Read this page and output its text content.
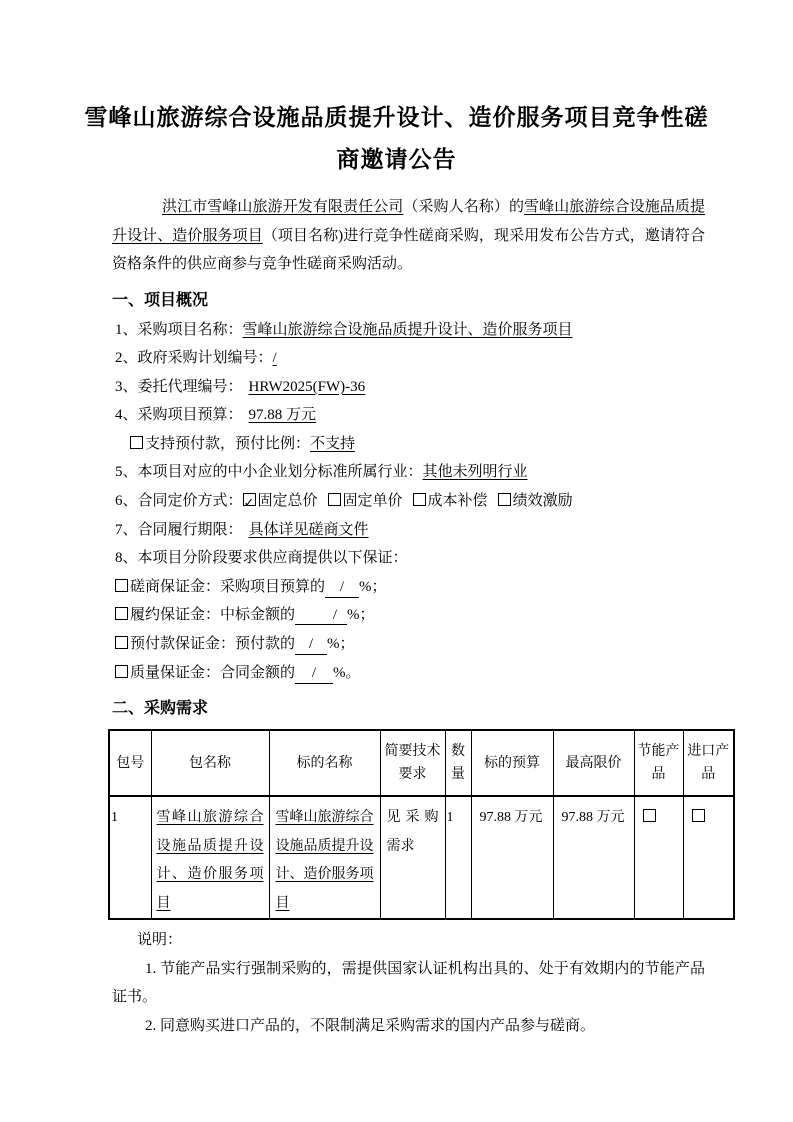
雪峰山旅游综合设施品质提升设计、造价服务项目竞争性磋
商邀请公告

洪江市雪峰山旅游开发有限责任公司（采购人名称）的雪峰山旅游综合设施品质提升设计、造价服务项目（项目名称)进行竞争性磋商采购，现采用发布公告方式，邀请符合资格条件的供应商参与竞争性磋商采购活动。

一、项目概况
1、采购项目名称：雪峰山旅游综合设施品质提升设计、造价服务项目
2、政府采购计划编号：/
3、委托代理编号： HRW2025(FW)-36
4、采购项目预算： 97.88 万元
支持预付款，预付比例：不支持
5、本项目对应的中小企业划分标准所属行业：其他未列明行业
6、合同定价方式： ✓ 固定总价 固定单价 成本补偿 绩效激励
7、合同履行期限： 具体详见磋商文件
8、本项目分阶段要求供应商提供以下保证：
磋商保证金：采购项目预算的 / %；
履约保证金：中标金额的	/ %；
预付款保证金：预付款的 / %；
质量保证金：合同金额的 / %。
二、采购需求
包号	包名称	标的名称	简要技术要求	数量	标的预算	最高限价	节能产品	进口产品
1	雪峰山旅游综合设施品质提升设计、造价服务项目	雪峰山旅游综合设施品质提升设计、造价服务项目	见采购需求	1	97.88 万元	97.88 万元		

说明：

1. 节能产品实行强制采购的，需提供国家认证机构出具的、处于有效期内的节能产品证书。

2. 同意购买进口产品的，不限制满足采购需求的国内产品参与磋商。
